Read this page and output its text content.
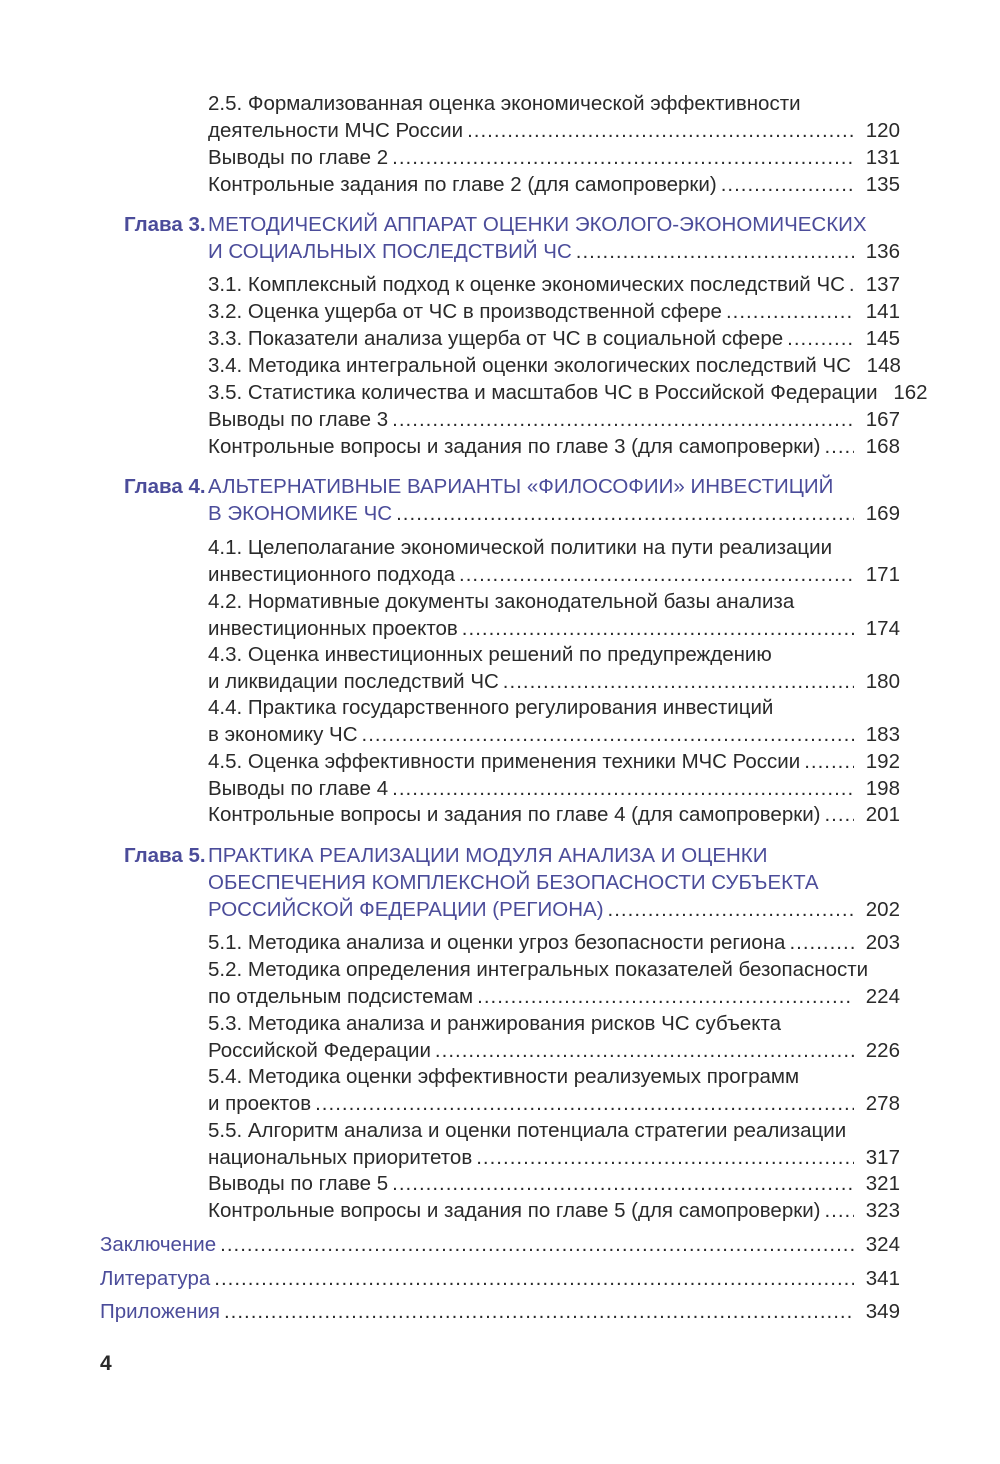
2.5. Формализованная оценка экономической эффективности
деятельности МЧС России .....	120
Выводы по главе 2 .....	131
Контрольные задания по главе 2 (для самопроверки) .....	135
Глава 3. МЕТОДИЧЕСКИЙ АППАРАТ ОЦЕНКИ ЭКОЛОГО-ЭКОНОМИЧЕСКИХ
И СОЦИАЛЬНЫХ ПОСЛЕДСТВИЙ ЧС .....	136
3.1. Комплексный подход к оценке экономических последствий ЧС ..... 137
3.2. Оценка ущерба от ЧС в производственной сфере .....	141
3.3. Показатели анализа ущерба от ЧС в социальной сфере .....	145
3.4. Методика интегральной оценки экологических последствий ЧС 148
3.5. Статистика количества и масштабов ЧС в Российской Федерации 162
Выводы по главе 3 .....	167
Контрольные вопросы и задания по главе 3 (для самопроверки) ..... 168
Глава 4. АЛЬТЕРНАТИВНЫЕ ВАРИАНТЫ «ФИЛОСОФИИ» ИНВЕСТИЦИЙ
В ЭКОНОМИКЕ ЧС .....	169
4.1. Целеполагание экономической политики на пути реализации
инвестиционного подхода .....	171
4.2. Нормативные документы законодательной базы анализа
инвестиционных проектов .....	174
4.3. Оценка инвестиционных решений по предупреждению
и ликвидации последствий ЧС .....	180
4.4. Практика государственного регулирования инвестиций
в экономику ЧС .....	183
4.5. Оценка эффективности применения техники МЧС России .....	192
Выводы по главе 4 .....	198
Контрольные вопросы и задания по главе 4 (для самопроверки) ..... 201
Глава 5. ПРАКТИКА РЕАЛИЗАЦИИ МОДУЛЯ АНАЛИЗА И ОЦЕНКИ
ОБЕСПЕЧЕНИЯ КОМПЛЕКСНОЙ БЕЗОПАСНОСТИ СУБЪЕКТА
РОССИЙСКОЙ ФЕДЕРАЦИИ (РЕГИОНА) .....	202
5.1. Методика анализа и оценки угроз безопасности региона .....	203
5.2. Методика определения интегральных показателей безопасности
по отдельным подсистемам .....	224
5.3. Методика анализа и ранжирования рисков ЧС субъекта
Российской Федерации .....	226
5.4. Методика оценки эффективности реализуемых программ
и проектов .....	278
5.5. Алгоритм анализа и оценки потенциала стратегии реализации
национальных приоритетов .....	317
Выводы по главе 5 .....	321
Контрольные вопросы и задания по главе 5 (для самопроверки) ..... 323
Заключение .....	324
Литература .....	341
Приложения .....	349
4
